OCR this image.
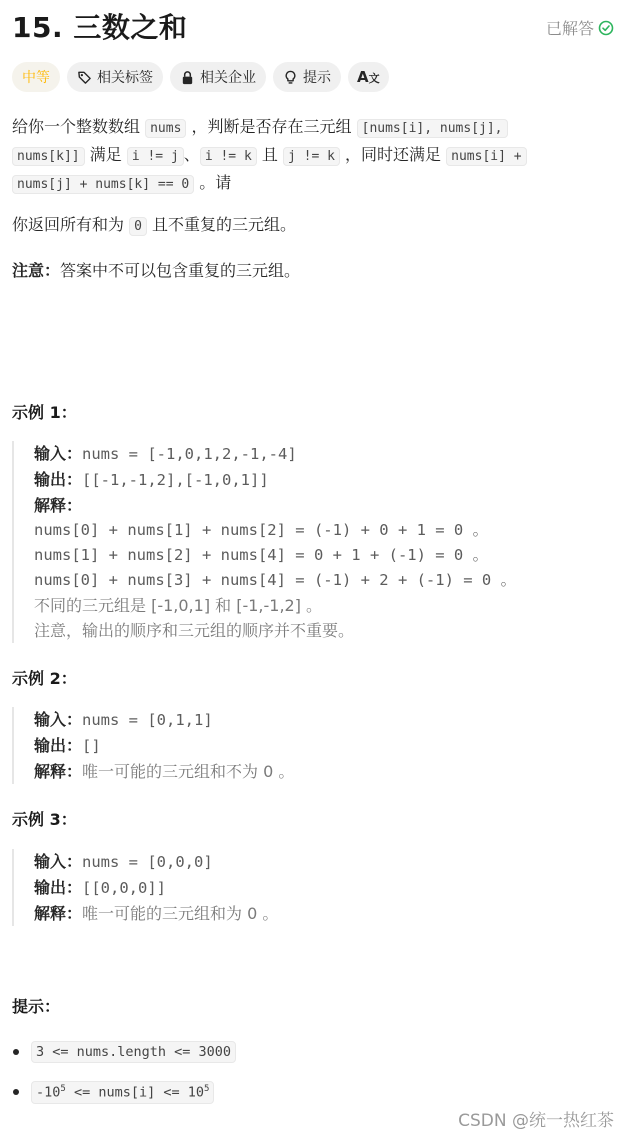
15. 三数之和	已解答
中等	相关标签	相关企业	提示 A文
给你一个整数数组 nums ，判断是否存在三元组 [nums[i], nums[j], nums[k]] 满足 i != j 、 i != k 且 j != k ，同时还满足 nums[i] + nums[j] + nums[k] == 0 。请
你返回所有和为 0 且不重复的三元组。
注意：答案中不可以包含重复的三元组。
示例 1：
输入：nums = [-1,0,1,2,-1,-4]
输出：[[-1,-1,2],[-1,0,1]]
解释：
nums[0] + nums[1] + nums[2] = (-1) + 0 + 1 = 0 。
nums[1] + nums[2] + nums[4] = 0 + 1 + (-1) = 0 。
nums[0] + nums[3] + nums[4] = (-1) + 2 + (-1) = 0 。
不同的三元组是 [-1,0,1] 和 [-1,-1,2] 。
注意，输出的顺序和三元组的顺序并不重要。
示例 2：
输入：nums = [0,1,1]
输出：[]
解释：唯一可能的三元组和不为 0 。
示例 3：
输入：nums = [0,0,0]
输出：[[0,0,0]]
解释：唯一可能的三元组和为 0 。
提示：
3 <= nums.length <= 3000
$-10^5$ <= nums[i] <= $10^5$
CSDN @统一热红茶
